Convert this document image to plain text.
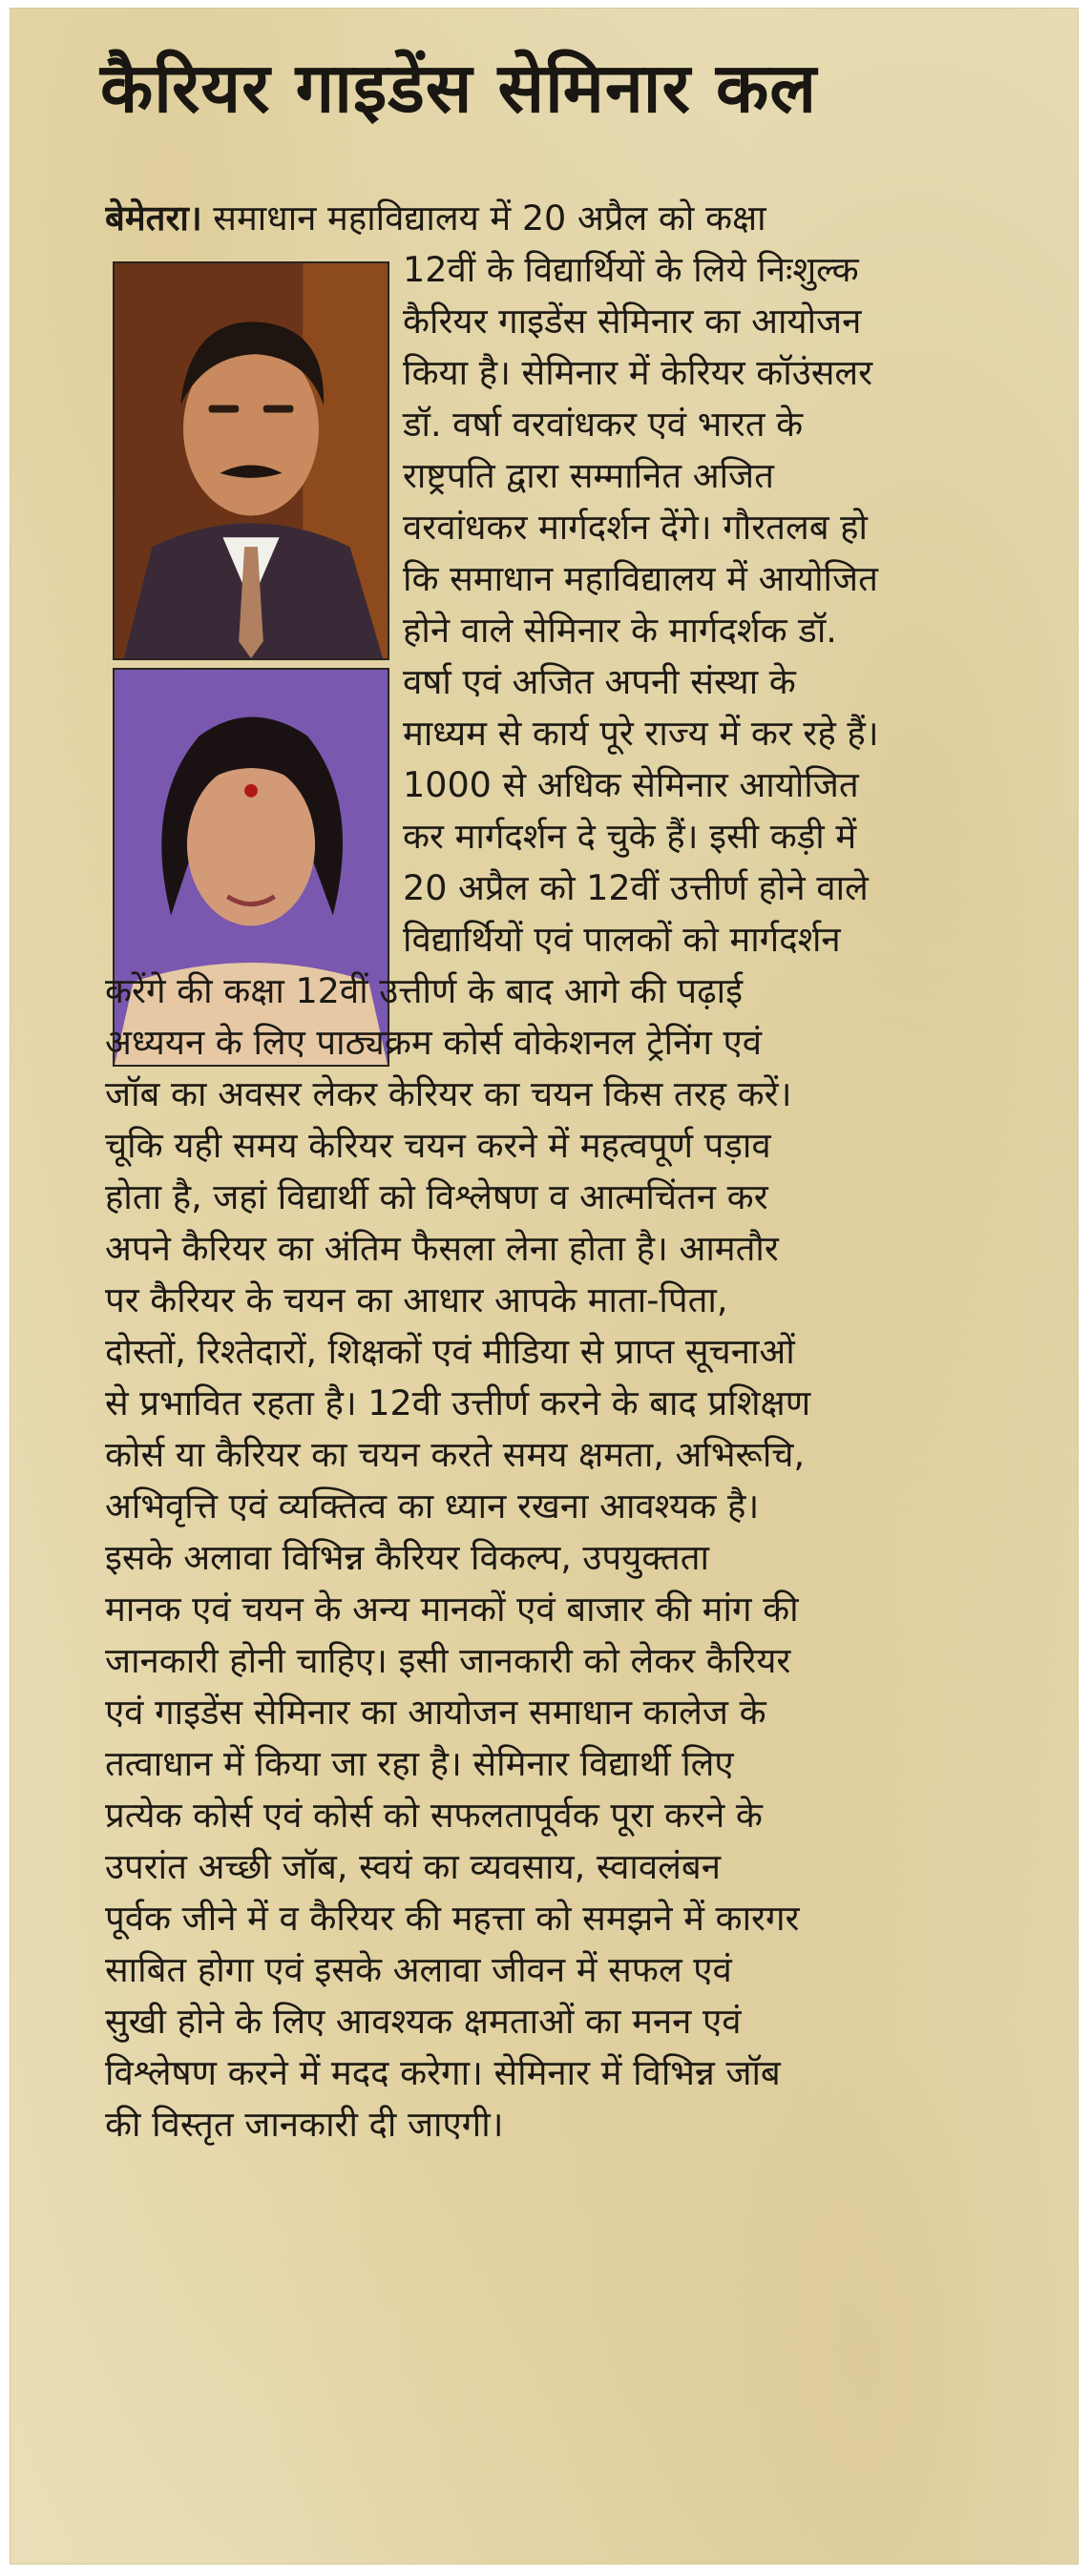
कैरियर गाइडेंस सेमिनार कल
बेमेतरा। समाधान महाविद्यालय में 20 अप्रैल को कक्षा
12वीं के विद्यार्थियों के लिये निःशुल्क
कैरियर गाइडेंस सेमिनार का आयोजन
किया है। सेमिनार में केरियर कॉउंसलर
डॉ. वर्षा वरवांधकर एवं भारत के
राष्ट्रपति द्वारा सम्मानित अजित
वरवांधकर मार्गदर्शन देंगे। गौरतलब हो
कि समाधान महाविद्यालय में आयोजित
होने वाले सेमिनार के मार्गदर्शक डॉ.
वर्षा एवं अजित अपनी संस्था के
माध्यम से कार्य पूरे राज्य में कर रहे हैं।
1000 से अधिक सेमिनार आयोजित
कर मार्गदर्शन दे चुके हैं। इसी कड़ी में
20 अप्रैल को 12वीं उत्तीर्ण होने वाले
विद्यार्थियों एवं पालकों को मार्गदर्शन
करेंगे की कक्षा 12वीं उत्तीर्ण के बाद आगे की पढ़ाई
अध्ययन के लिए पाठ्यक्रम कोर्स वोकेशनल ट्रेनिंग एवं
जॉब का अवसर लेकर केरियर का चयन किस तरह करें।
चूकि यही समय केरियर चयन करने में महत्वपूर्ण पड़ाव
होता है, जहां विद्यार्थी को विश्लेषण व आत्मचिंतन कर
अपने कैरियर का अंतिम फैसला लेना होता है। आमतौर
पर कैरियर के चयन का आधार आपके माता-पिता,
दोस्तों, रिश्तेदारों, शिक्षकों एवं मीडिया से प्राप्त सूचनाओं
से प्रभावित रहता है। 12वी उत्तीर्ण करने के बाद प्रशिक्षण
कोर्स या कैरियर का चयन करते समय क्षमता, अभिरूचि,
अभिवृत्ति एवं व्यक्तित्व का ध्यान रखना आवश्यक है।
इसके अलावा विभिन्न कैरियर विकल्प, उपयुक्तता
मानक एवं चयन के अन्य मानकों एवं बाजार की मांग की
जानकारी होनी चाहिए। इसी जानकारी को लेकर कैरियर
एवं गाइडेंस सेमिनार का आयोजन समाधान कालेज के
तत्वाधान में किया जा रहा है। सेमिनार विद्यार्थी लिए
प्रत्येक कोर्स एवं कोर्स को सफलतापूर्वक पूरा करने के
उपरांत अच्छी जॉब, स्वयं का व्यवसाय, स्वावलंबन
पूर्वक जीने में व कैरियर की महत्ता को समझने में कारगर
साबित होगा एवं इसके अलावा जीवन में सफल एवं
सुखी होने के लिए आवश्यक क्षमताओं का मनन एवं
विश्लेषण करने में मदद करेगा। सेमिनार में विभिन्न जॉब
की विस्तृत जानकारी दी जाएगी।
